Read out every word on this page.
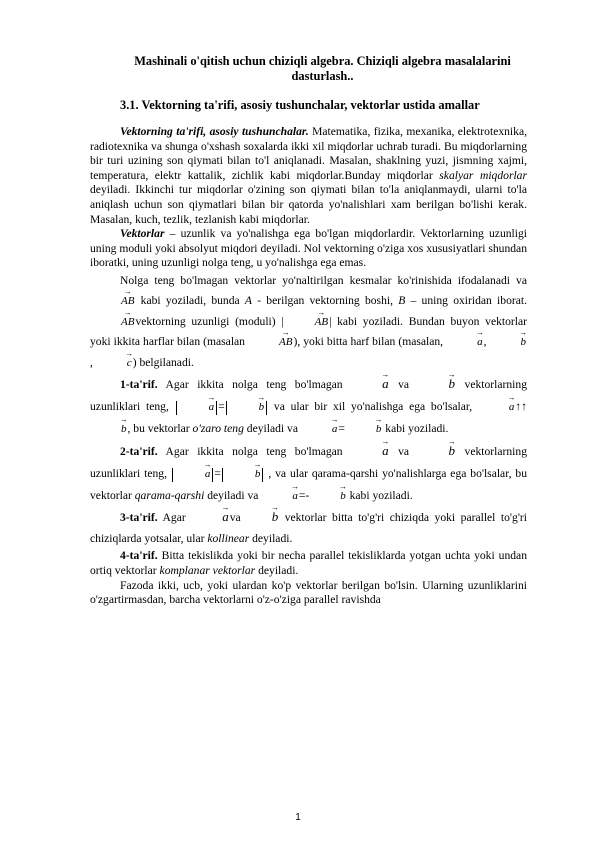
Mashinali o'qitish uchun chiziqli algebra. Chiziqli algebra masalalarini dasturlash..
3.1. Vektorning ta'rifi, asosiy tushunchalar, vektorlar ustida amallar

Vektorning ta'rifi, asosiy tushunchalar. Matematika, fizika, mexanika, elektrotexnika, radiotexnika va shunga o'xshash soxalarda ikki xil miqdorlar uchrab turadi. Bu miqdorlarning bir turi uzining son qiymati bilan to'l aniqlanadi. Masalan, shaklning yuzi, jismning xajmi, temperatura, elektr kattalik, zichlik kabi miqdorlar.Bunday miqdorlar skalyar miqdorlar deyiladi. Ikkinchi tur miqdorlar o'zining son qiymati bilan to'la aniqlanmaydi, ularni to'la aniqlash uchun son qiymatlari bilan bir qatorda yo'nalishlari xam berilgan bo'lishi kerak. Masalan, kuch, tezlik, tezlanish kabi miqdorlar.

Vektorlar – uzunlik va yo'nalishga ega bo'lgan miqdorlardir. Vektorlarning uzunligi uning moduli yoki absolyut miqdori deyiladi. Nol vektorning o'ziga xos xususiyatlari shundan iboratki, uning uzunligi nolga teng, u yo'nalishga ega emas.

Nolga teng bo'lmagan vektorlar yo'naltirilgan kesmalar ko'rinishida ifodalanadi va → AB kabi yoziladi, bunda A - berilgan vektorning boshi, B – uning oxiridan iborat. → ABvektorning uzunligi (moduli) |	→ AB| kabi yoziladi. Bundan buyon vektorlar yoki ikkita harflar bilan (masalan	→ AB), yoki bitta harf bilan (masalan,	→ a,	→ b,	→ c) belgilanadi.

1-ta'rif. Agar ikkita nolga teng bo'lmagan → a va → b vektorlarning uzunliklari teng,	→ a =	→ b va ular bir xil yo'nalishga ega bo'lsalar,	→ a↑↑→ b, bu vektorlar o'zaro teng deyiladi va	→ a=	→ b kabi yoziladi.

2-ta'rif. Agar ikkita nolga teng bo'lmagan → a va → b vektorlarning uzunliklari teng,	→ a =	→ b , va ular qarama-qarshi yo'nalishlarga ega bo'lsalar, bu vektorlar qarama-qarshi deyiladi va	→ a=-	→ b kabi yoziladi.

3-ta'rif. Agar → ava → b vektorlar bitta to'g'ri chiziqda yoki parallel to'g'ri chiziqlarda yotsalar, ular kollinear deyiladi.

4-ta'rif. Bitta tekislikda yoki bir necha parallel tekisliklarda yotgan uchta yoki undan ortiq vektorlar komplanar vektorlar deyiladi.

Fazoda ikki, ucb, yoki ulardan ko'p vektorlar berilgan bo'lsin. Ularning uzunliklarini o'zgartirmasdan, barcha vektorlarni o'z-o'ziga parallel ravishda

1
